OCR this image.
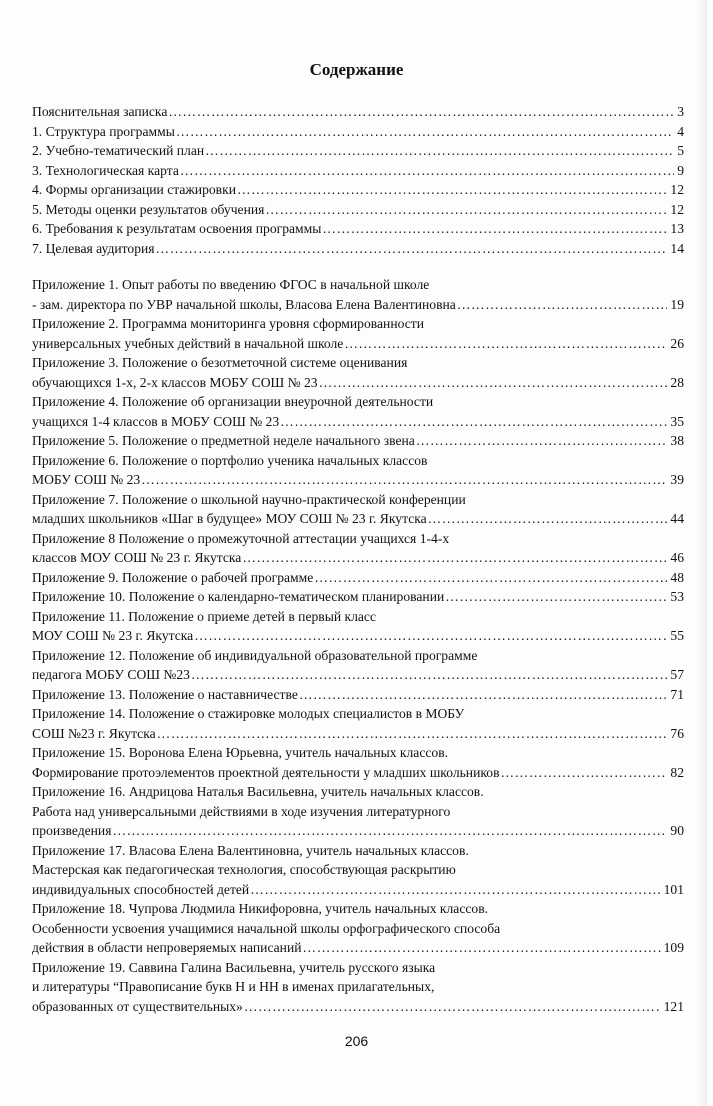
Содержание
Пояснительная записка …………………………………………………………………………………………………………………………………………………………………………	3
1. Структура программы …………………………………………………………………………………………………………………………………………………………………………	4
2. Учебно-тематический план …………………………………………………………………………………………………………………………………………………………………………	5
3. Технологическая карта …………………………………………………………………………………………………………………………………………………………………………	9
4. Формы организации стажировки …………………………………………………………………………………………………………………………………………………………………………	12
5. Методы оценки результатов обучения …………………………………………………………………………………………………………………………………………………………………………	12
6. Требования к результатам освоения программы …………………………………………………………………………………………………………………………………………………………………………	13
7. Целевая аудитория …………………………………………………………………………………………………………………………………………………………………………	14
Приложение 1. Опыт работы по введению ФГОС в начальной школе
- зам. директора по УВР начальной школы, Власова Елена Валентиновна …………………………………………………………………………………………………………………………………………………………………………	19
Приложение 2. Программа мониторинга уровня сформированности
универсальных учебных действий в начальной школе …………………………………………………………………………………………………………………………………………………………………………	26
Приложение 3. Положение о безотметочной системе оценивания
обучающихся 1-х, 2-х классов МОБУ СОШ № 23 …………………………………………………………………………………………………………………………………………………………………………	28
Приложение 4. Положение об организации внеурочной деятельности
учащихся 1-4 классов в МОБУ СОШ № 23 …………………………………………………………………………………………………………………………………………………………………………	35
Приложение 5. Положение о предметной неделе начального звена …………………………………………………………………………………………………………………………………………………………………………	38
Приложение 6. Положение о портфолио ученика начальных классов
МОБУ СОШ № 23 …………………………………………………………………………………………………………………………………………………………………………	39
Приложение 7. Положение о школьной научно-практической конференции
младших школьников «Шаг в будущее» МОУ СОШ № 23 г. Якутска …………………………………………………………………………………………………………………………………………………………………………	44
Приложение 8 Положение о промежуточной аттестации учащихся 1-4-х
классов МОУ СОШ № 23 г. Якутска …………………………………………………………………………………………………………………………………………………………………………	46
Приложение 9. Положение о рабочей программе …………………………………………………………………………………………………………………………………………………………………………	48
Приложение 10. Положение о календарно-тематическом планировании …………………………………………………………………………………………………………………………………………………………………………	53
Приложение 11. Положение о приеме детей в первый класс
МОУ СОШ № 23 г. Якутска …………………………………………………………………………………………………………………………………………………………………………	55
Приложение 12. Положение об индивидуальной образовательной программе
педагога МОБУ СОШ №23 …………………………………………………………………………………………………………………………………………………………………………	57
Приложение 13. Положение о наставничестве …………………………………………………………………………………………………………………………………………………………………………	71
Приложение 14. Положение о стажировке молодых специалистов в МОБУ
СОШ №23 г. Якутска …………………………………………………………………………………………………………………………………………………………………………	76
Приложение 15. Воронова Елена Юрьевна, учитель начальных классов.
Формирование протоэлементов проектной деятельности у младших школьников …………………………………………………………………………………………………………………………………………………………………………	82
Приложение 16. Андрицова Наталья Васильевна, учитель начальных классов.
Работа над универсальными действиями в ходе изучения литературного
произведения …………………………………………………………………………………………………………………………………………………………………………	90
Приложение 17. Власова Елена Валентиновна, учитель начальных классов.
Мастерская как педагогическая технология, способствующая раскрытию
индивидуальных способностей детей …………………………………………………………………………………………………………………………………………………………………………	101
Приложение 18. Чупрова Людмила Никифоровна, учитель начальных классов.
Особенности усвоения учащимися начальной школы орфографического способа
действия в области непроверяемых написаний …………………………………………………………………………………………………………………………………………………………………………	109
Приложение 19. Саввина Галина Васильевна, учитель русского языка
и литературы “Правописание букв Н и НН в именах прилагательных,
образованных от существительных» …………………………………………………………………………………………………………………………………………………………………………	121
206
